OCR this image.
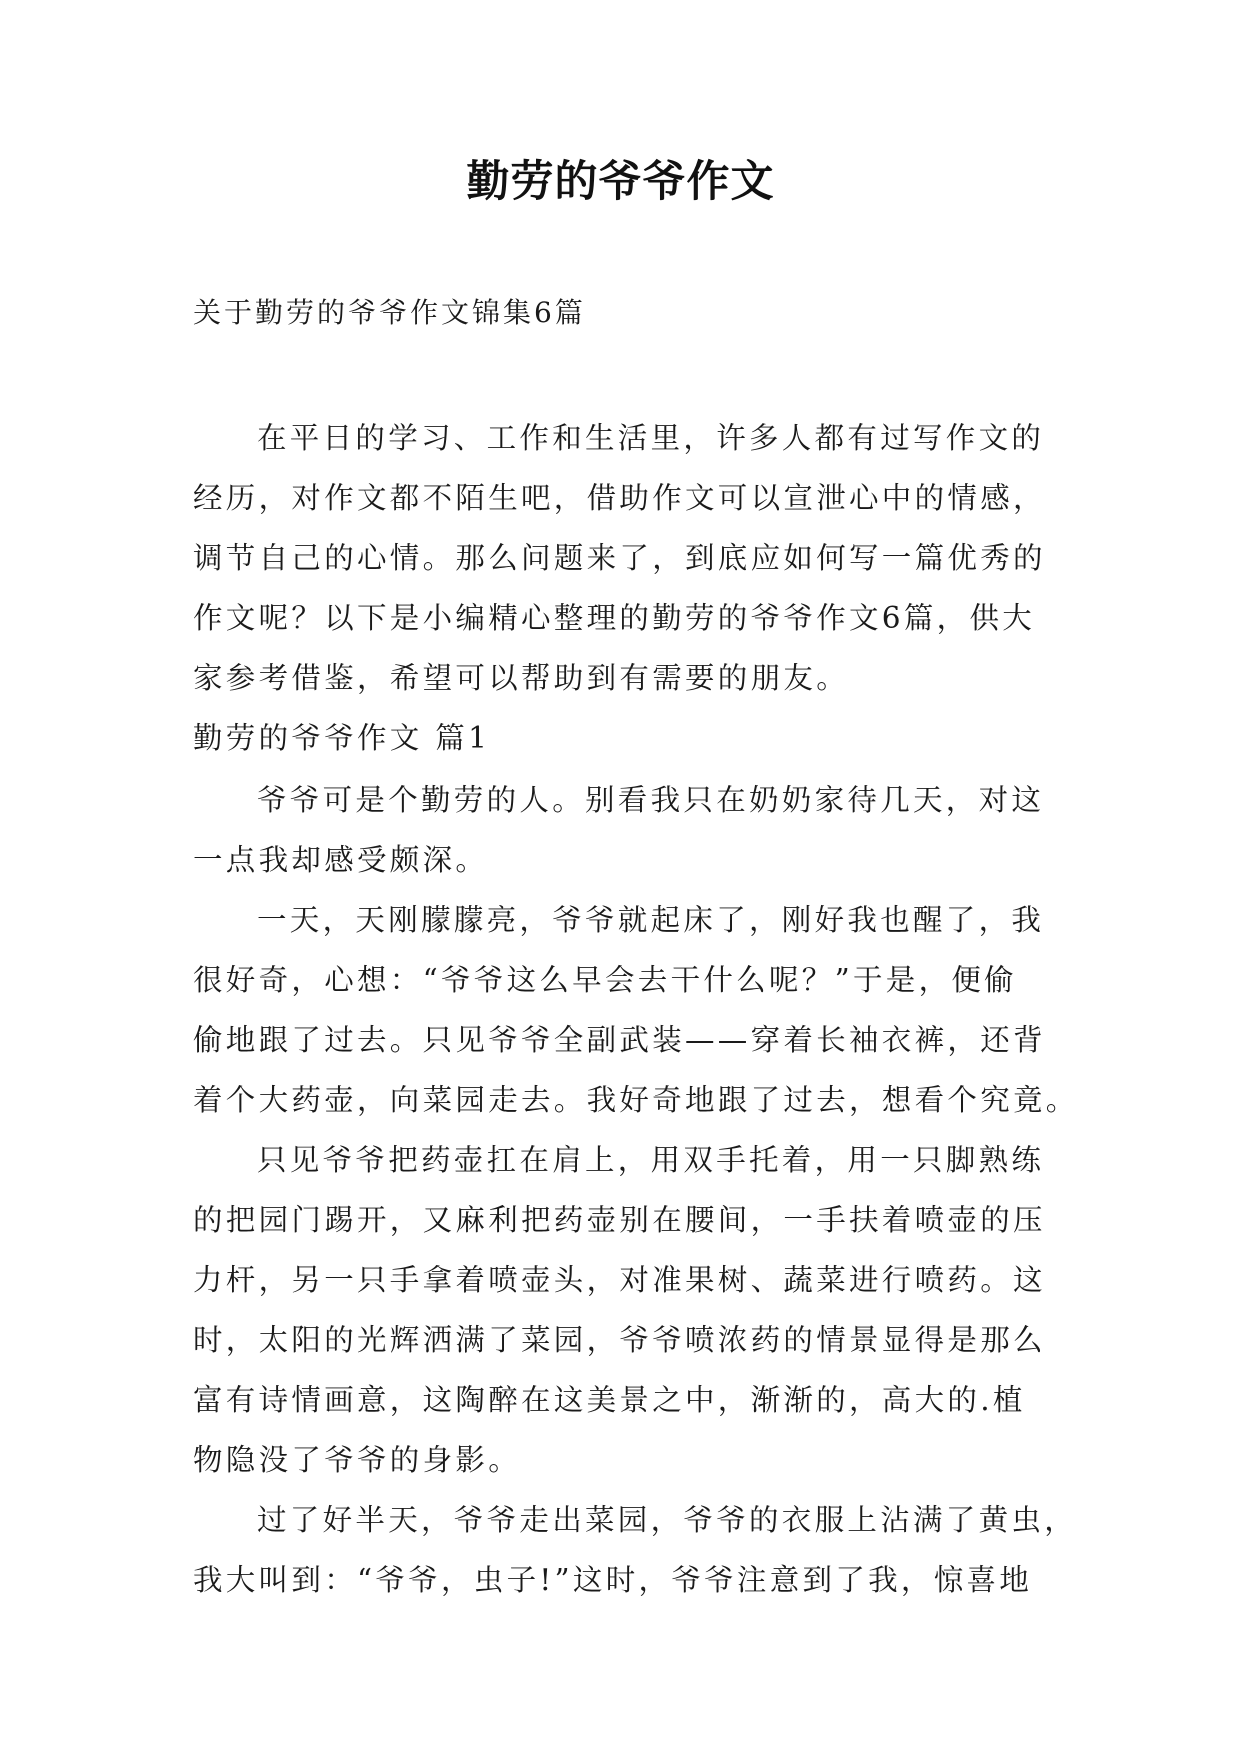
勤劳的爷爷作文
关于勤劳的爷爷作文锦集6篇
在平日的学习、工作和生活里，许多人都有过写作文的
经历，对作文都不陌生吧，借助作文可以宣泄心中的情感，
调节自己的心情。那么问题来了，到底应如何写一篇优秀的
作文呢？以下是小编精心整理的勤劳的爷爷作文6篇，供大
家参考借鉴，希望可以帮助到有需要的朋友。
勤劳的爷爷作文 篇1
爷爷可是个勤劳的人。别看我只在奶奶家待几天，对这
一点我却感受颇深。
一天，天刚朦朦亮，爷爷就起床了，刚好我也醒了，我
很好奇，心想：“爷爷这么早会去干什么呢？”于是，便偷
偷地跟了过去。只见爷爷全副武装——穿着长袖衣裤，还背
着个大药壶，向菜园走去。我好奇地跟了过去，想看个究竟。
只见爷爷把药壶扛在肩上，用双手托着，用一只脚熟练
的把园门踢开，又麻利把药壶别在腰间，一手扶着喷壶的压
力杆，另一只手拿着喷壶头，对准果树、蔬菜进行喷药。这
时，太阳的光辉洒满了菜园，爷爷喷浓药的情景显得是那么
富有诗情画意，这陶醉在这美景之中，渐渐的，高大的.植
物隐没了爷爷的身影。
过了好半天，爷爷走出菜园，爷爷的衣服上沾满了黄虫，
我大叫到：“爷爷，虫子!”这时，爷爷注意到了我，惊喜地
